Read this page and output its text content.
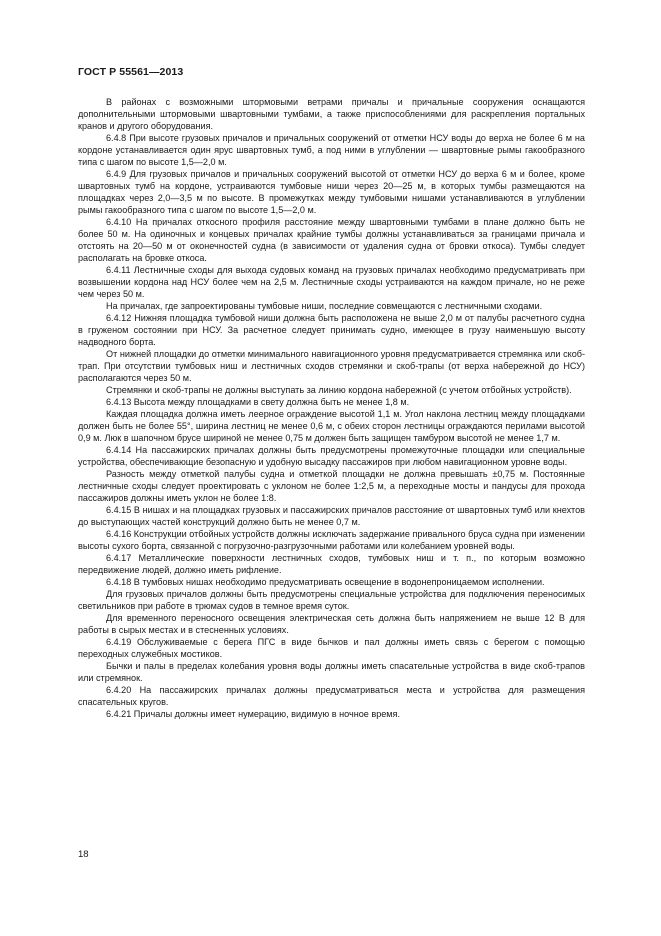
ГОСТ Р 55561—2013

В районах с возможными штормовыми ветрами причалы и причальные сооружения оснащаются дополнительными штормовыми швартовными тумбами, а также приспособлениями для раскрепления портальных кранов и другого оборудования.

6.4.8 При высоте грузовых причалов и причальных сооружений от отметки НСУ воды до верха не более 6 м на кордоне устанавливается один ярус швартовных тумб, а под ними в углублении — швартовные рымы гакообразного типа с шагом по высоте 1,5—2,0 м.

6.4.9 Для грузовых причалов и причальных сооружений высотой от отметки НСУ до верха 6 м и более, кроме швартовных тумб на кордоне, устраиваются тумбовые ниши через 20—25 м, в которых тумбы размещаются на площадках через 2,0—3,5 м по высоте. В промежутках между тумбовыми нишами устанавливаются в углублении рымы гакообразного типа с шагом по высоте 1,5—2,0 м.

6.4.10 На причалах откосного профиля расстояние между швартовными тумбами в плане должно быть не более 50 м. На одиночных и концевых причалах крайние тумбы должны устанавливаться за границами причала и отстоять на 20—50 м от оконечностей судна (в зависимости от удаления судна от бровки откоса). Тумбы следует располагать на бровке откоса.

6.4.11 Лестничные сходы для выхода судовых команд на грузовых причалах необходимо предусматривать при возвышении кордона над НСУ более чем на 2,5 м. Лестничные сходы устраиваются на каждом причале, но не реже чем через 50 м.

На причалах, где запроектированы тумбовые ниши, последние совмещаются с лестничными сходами.

6.4.12 Нижняя площадка тумбовой ниши должна быть расположена не выше 2,0 м от палубы расчетного судна в груженом состоянии при НСУ. За расчетное следует принимать судно, имеющее в грузу наименьшую высоту надводного борта.

От нижней площадки до отметки минимального навигационного уровня предусматривается стремянка или скоб-трап. При отсутствии тумбовых ниш и лестничных сходов стремянки и скоб-трапы (от верха набережной до НСУ) располагаются через 50 м.

Стремянки и скоб-трапы не должны выступать за линию кордона набережной (с учетом отбойных устройств).

6.4.13 Высота между площадками в свету должна быть не менее 1,8 м.

Каждая площадка должна иметь леерное ограждение высотой 1,1 м. Угол наклона лестниц между площадками должен быть не более 55°, ширина лестниц не менее 0,6 м, с обеих сторон лестницы ограждаются перилами высотой 0,9 м. Люк в шапочном брусе шириной не менее 0,75 м должен быть защищен тамбуром высотой не менее 1,7 м.

6.4.14 На пассажирских причалах должны быть предусмотрены промежуточные площадки или специальные устройства, обеспечивающие безопасную и удобную высадку пассажиров при любом навигационном уровне воды.

Разность между отметкой палубы судна и отметкой площадки не должна превышать ±0,75 м. Постоянные лестничные сходы следует проектировать с уклоном не более 1:2,5 м, а переходные мосты и пандусы для прохода пассажиров должны иметь уклон не более 1:8.

6.4.15 В нишах и на площадках грузовых и пассажирских причалов расстояние от швартовных тумб или кнехтов до выступающих частей конструкций должно быть не менее 0,7 м.

6.4.16 Конструкции отбойных устройств должны исключать задержание привального бруса судна при изменении высоты сухого борта, связанной с погрузочно-разгрузочными работами или колебанием уровней воды.

6.4.17 Металлические поверхности лестничных сходов, тумбовых ниш и т. п., по которым возможно передвижение людей, должно иметь рифление.

6.4.18 В тумбовых нишах необходимо предусматривать освещение в водонепроницаемом исполнении.

Для грузовых причалов должны быть предусмотрены специальные устройства для подключения переносимых светильников при работе в трюмах судов в темное время суток.

Для временного переносного освещения электрическая сеть должна быть напряжением не выше 12 В для работы в сырых местах и в стесненных условиях.

6.4.19 Обслуживаемые с берега ПГС в виде бычков и пал должны иметь связь с берегом с помощью переходных служебных мостиков.

Бычки и палы в пределах колебания уровня воды должны иметь спасательные устройства в виде скоб-трапов или стремянок.

6.4.20 На пассажирских причалах должны предусматриваться места и устройства для размещения спасательных кругов.

6.4.21 Причалы должны имеет нумерацию, видимую в ночное время.

18
